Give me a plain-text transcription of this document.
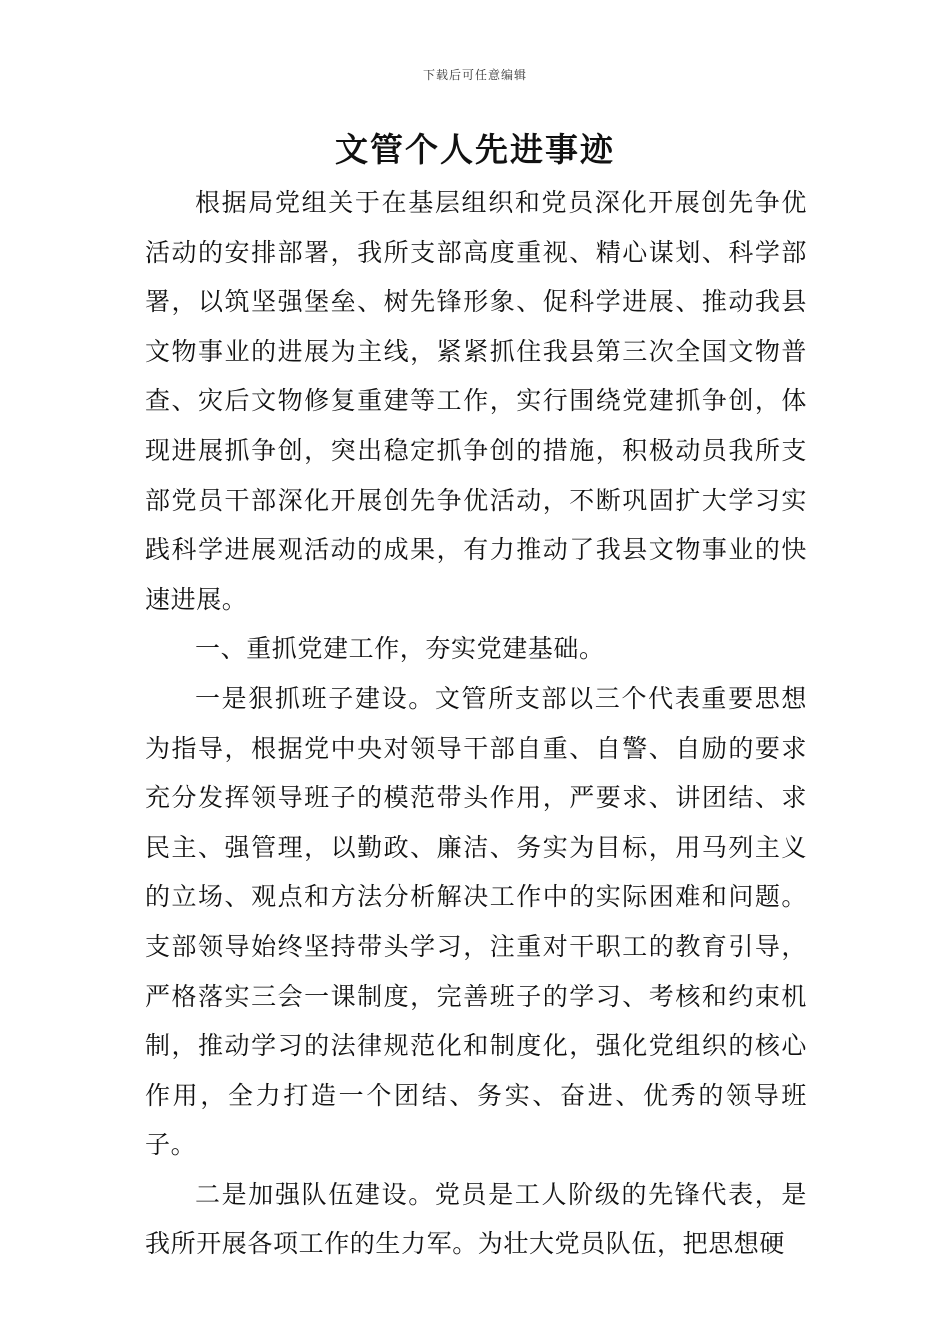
下载后可任意编辑
文管个人先进事迹

根据局党组关于在基层组织和党员深化开展创先争优活动的安排部署，我所支部高度重视、精心谋划、科学部署，以筑坚强堡垒、树先锋形象、促科学进展、推动我县文物事业的进展为主线，紧紧抓住我县第三次全国文物普查、灾后文物修复重建等工作，实行围绕党建抓争创，体现进展抓争创，突出稳定抓争创的措施，积极动员我所支部党员干部深化开展创先争优活动，不断巩固扩大学习实践科学进展观活动的成果，有力推动了我县文物事业的快速进展。

一、重抓党建工作，夯实党建基础。

一是狠抓班子建设。文管所支部以三个代表重要思想为指导，根据党中央对领导干部自重、自警、自励的要求充分发挥领导班子的模范带头作用，严要求、讲团结、求民主、强管理，以勤政、廉洁、务实为目标，用马列主义的立场、观点和方法分析解决工作中的实际困难和问题。支部领导始终坚持带头学习，注重对干职工的教育引导，严格落实三会一课制度，完善班子的学习、考核和约束机制，推动学习的法律规范化和制度化，强化党组织的核心作用，全力打造一个团结、务实、奋进、优秀的领导班子。

二是加强队伍建设。党员是工人阶级的先锋代表，是我所开展各项工作的生力军。为壮大党员队伍，把思想硬
